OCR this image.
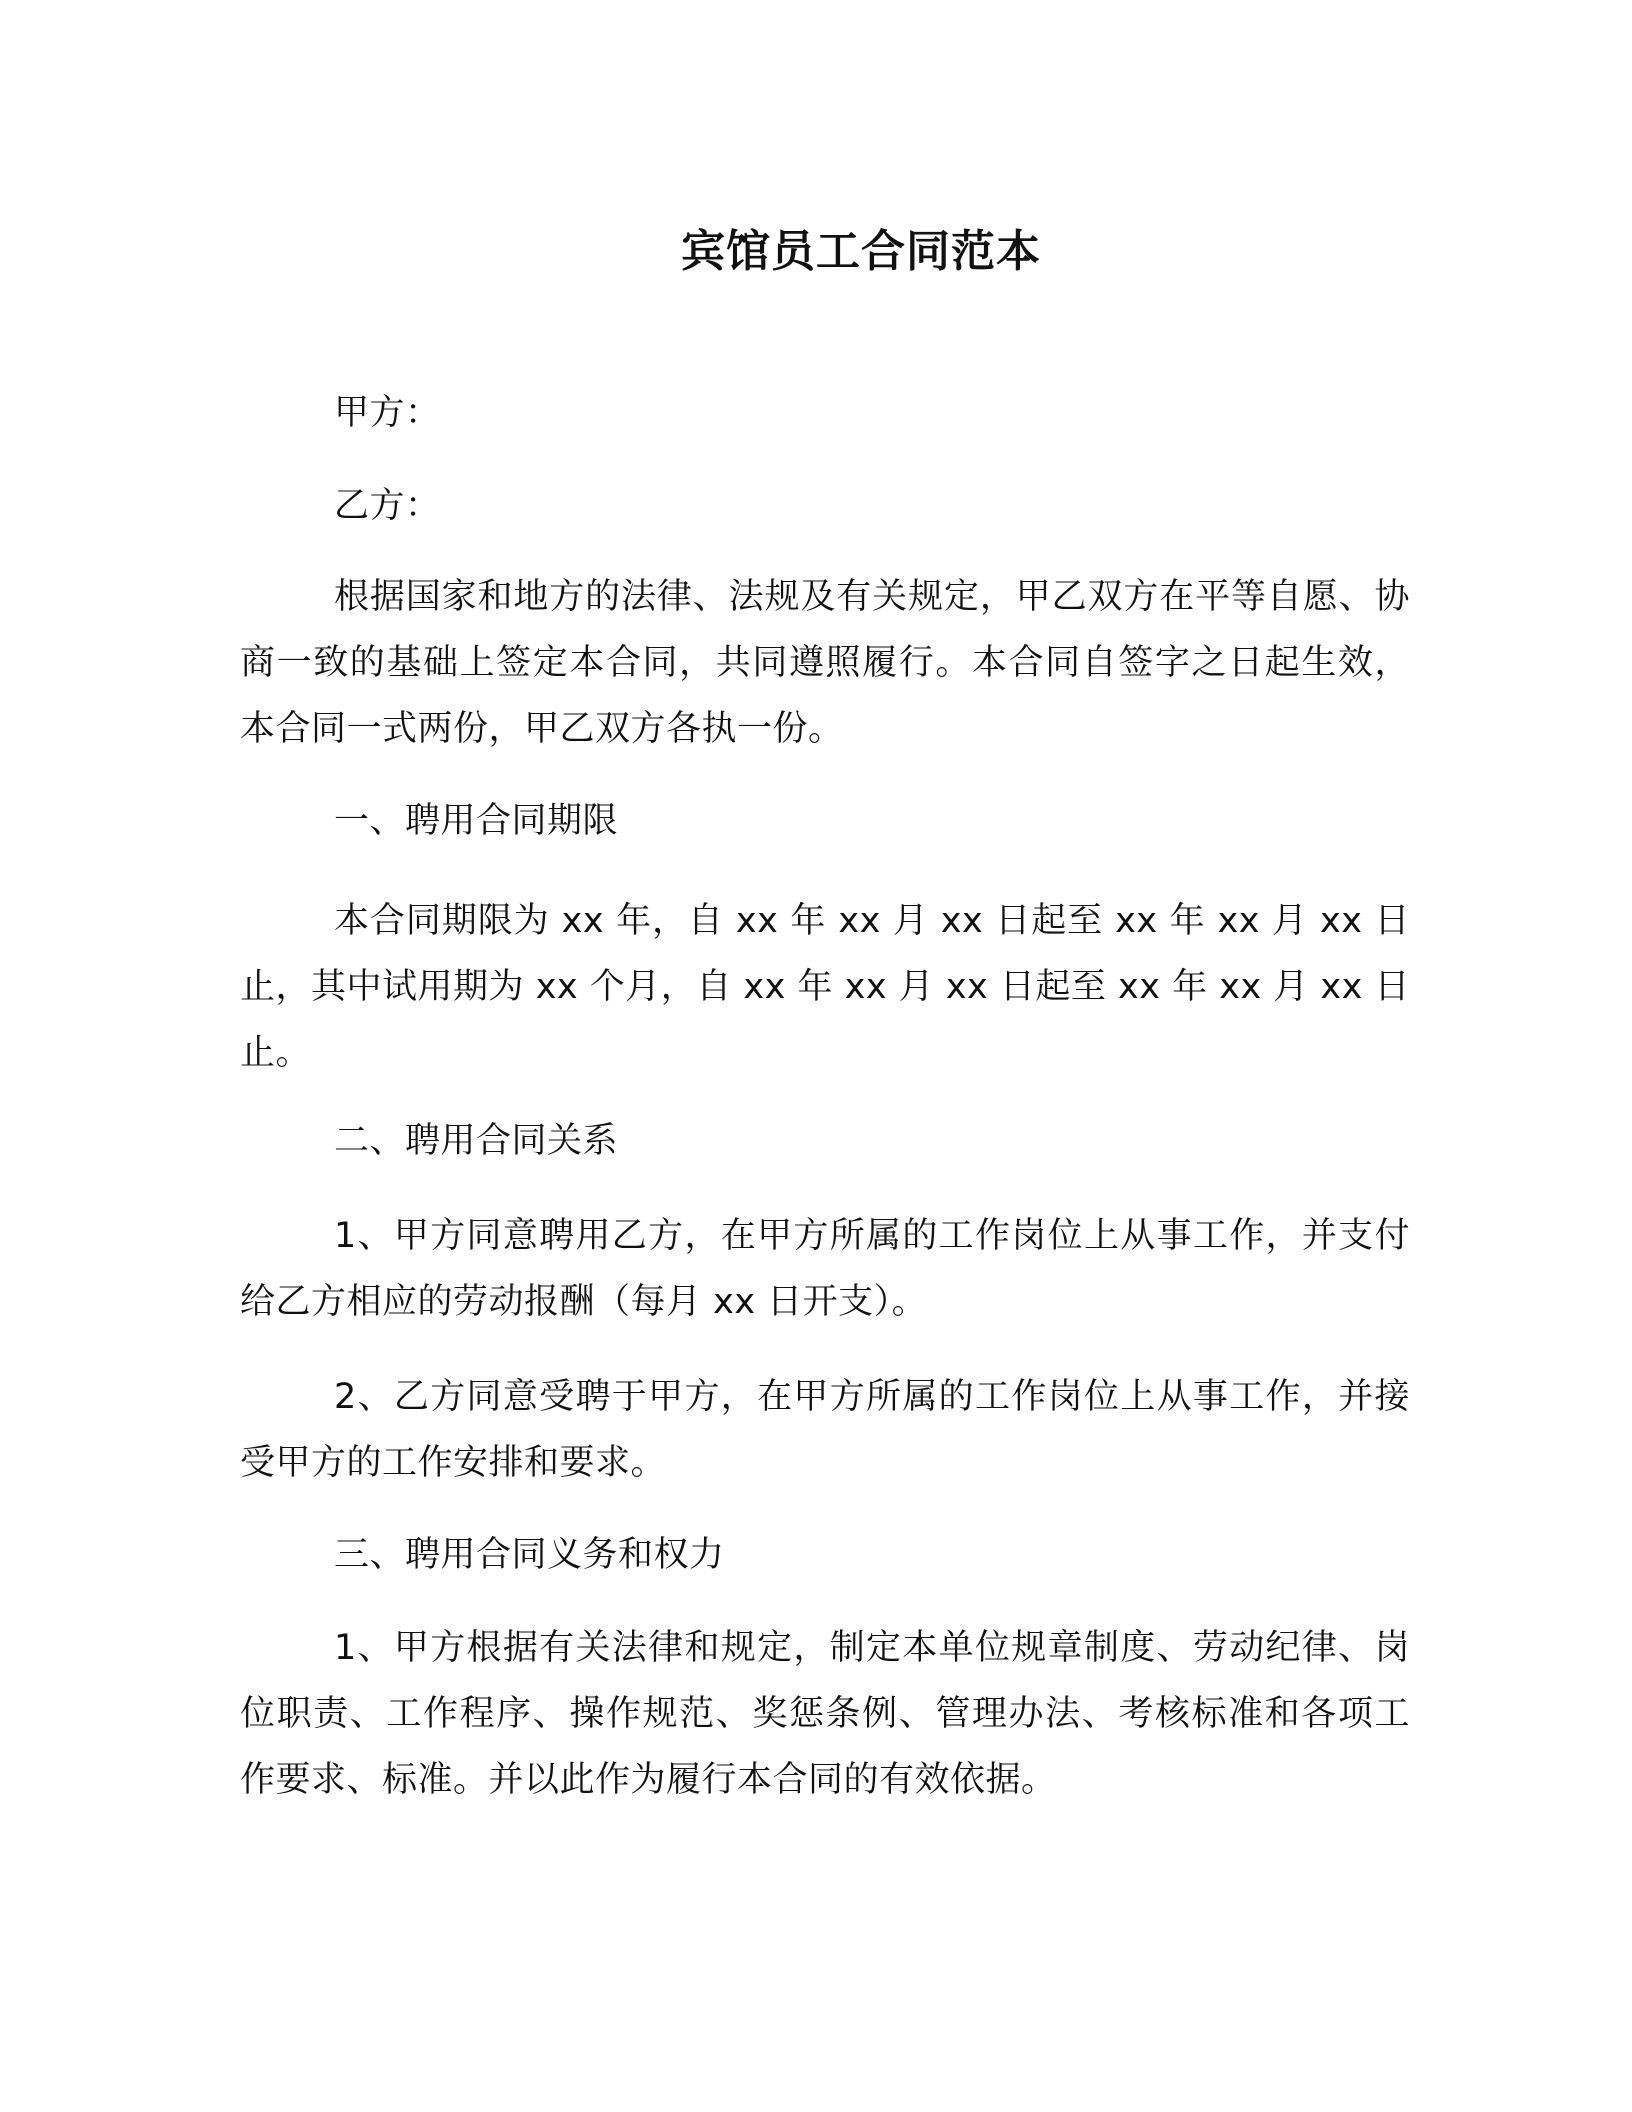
宾馆员工合同范本

甲方：

乙方：

根据国家和地方的法律、法规及有关规定，甲乙双方在平等自愿、协商一致的基础上签定本合同，共同遵照履行。本合同自签字之日起生效，本合同一式两份，甲乙双方各执一份。

一、聘用合同期限

本合同期限为 xx 年，自 xx 年 xx 月 xx 日起至 xx 年 xx 月 xx 日止，其中试用期为 xx 个月，自 xx 年 xx 月 xx 日起至 xx 年 xx 月 xx 日止。

二、聘用合同关系

1、甲方同意聘用乙方，在甲方所属的工作岗位上从事工作，并支付给乙方相应的劳动报酬（每月 xx 日开支）。

2、乙方同意受聘于甲方，在甲方所属的工作岗位上从事工作，并接受甲方的工作安排和要求。

三、聘用合同义务和权力

1、甲方根据有关法律和规定，制定本单位规章制度、劳动纪律、岗位职责、工作程序、操作规范、奖惩条例、管理办法、考核标准和各项工作要求、标准。并以此作为履行本合同的有效依据。
